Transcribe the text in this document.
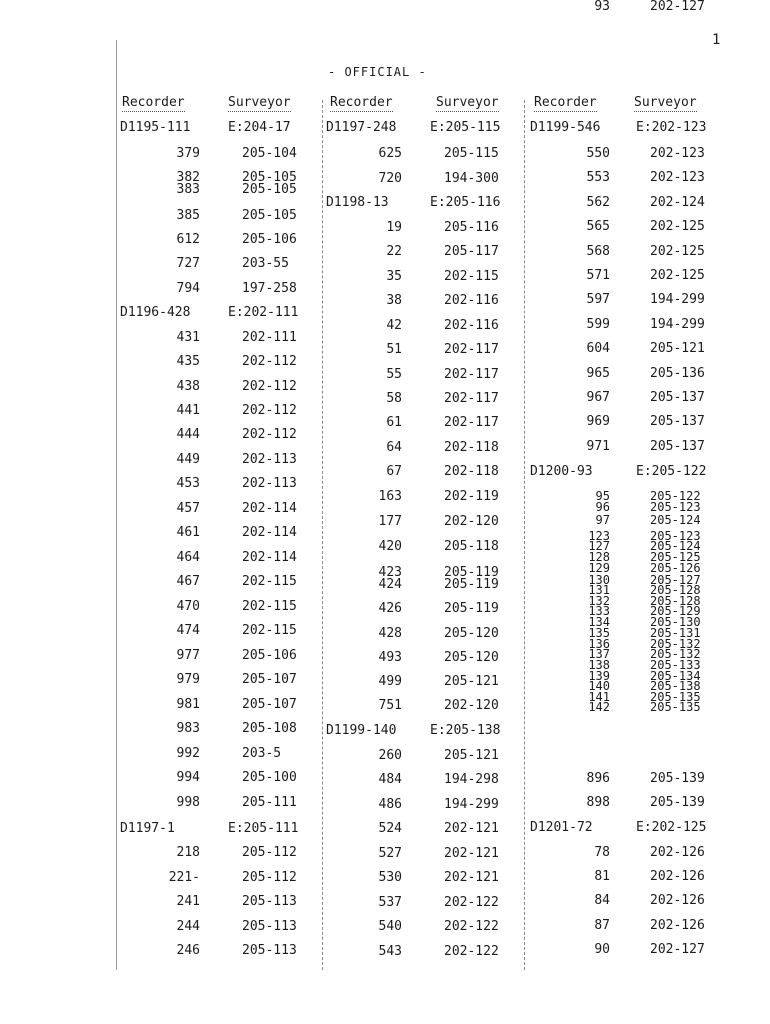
1
- OFFICIAL -
Recorder	Surveyor	Recorder	Surveyor	Recorder	Surveyor
D1195-111	E:204-17
379	205-104
382	205-105
383	205-105
385	205-105
612	205-106
727	203-55
794	197-258
D1196-428	E:202-111
431	202-111
435	202-112
438	202-112
441	202-112
444	202-112
449	202-113
453	202-113
457	202-114
461	202-114
464	202-114
467	202-115
470	202-115
474	202-115
977	205-106
979	205-107
981	205-107
983	205-108
992	203-5
994	205-100
998	205-111
D1197-1	E:205-111
218	205-112
221-	205-112
241	205-113
244	205-113
246	205-113
D1197-248	E:205-115
625	205-115
720	194-300
D1198-13	E:205-116
19	205-116
22	205-117
35	202-115
38	202-116
42	202-116
51	202-117
55	202-117
58	202-117
61	202-117
64	202-118
67	202-118
163	202-119
177	202-120
420	205-118
423	205-119
424	205-119
426	205-119
428	205-120
493	205-120
499	205-121
751	202-120
D1199-140	E:205-138
260	205-121
484	194-298
486	194-299
524	202-121
527	202-121
530	202-121
537	202-122
540	202-122
543	202-122
D1199-546	E:202-123
550	202-123
553	202-123
562	202-124
565	202-125
568	202-125
571	202-125
597	194-299
599	194-299
604	205-121
965	205-136
967	205-137
969	205-137
971	205-137
D1200-93	E:205-122
95	205-122
96	205-123
97	205-124
123	205-123
127	205-124
128	205-125
129	205-126
130	205-127
131	205-128
132	205-128
133	205-129
134	205-130
135	205-131
136	205-132
137	205-132
138	205-133
139	205-134
140	205-138
141	205-135
142	205-135
896	205-139
898	205-139
D1201-72	E:202-125
78	202-126
81	202-126
84	202-126
87	202-126
90	202-127
93	202-127
